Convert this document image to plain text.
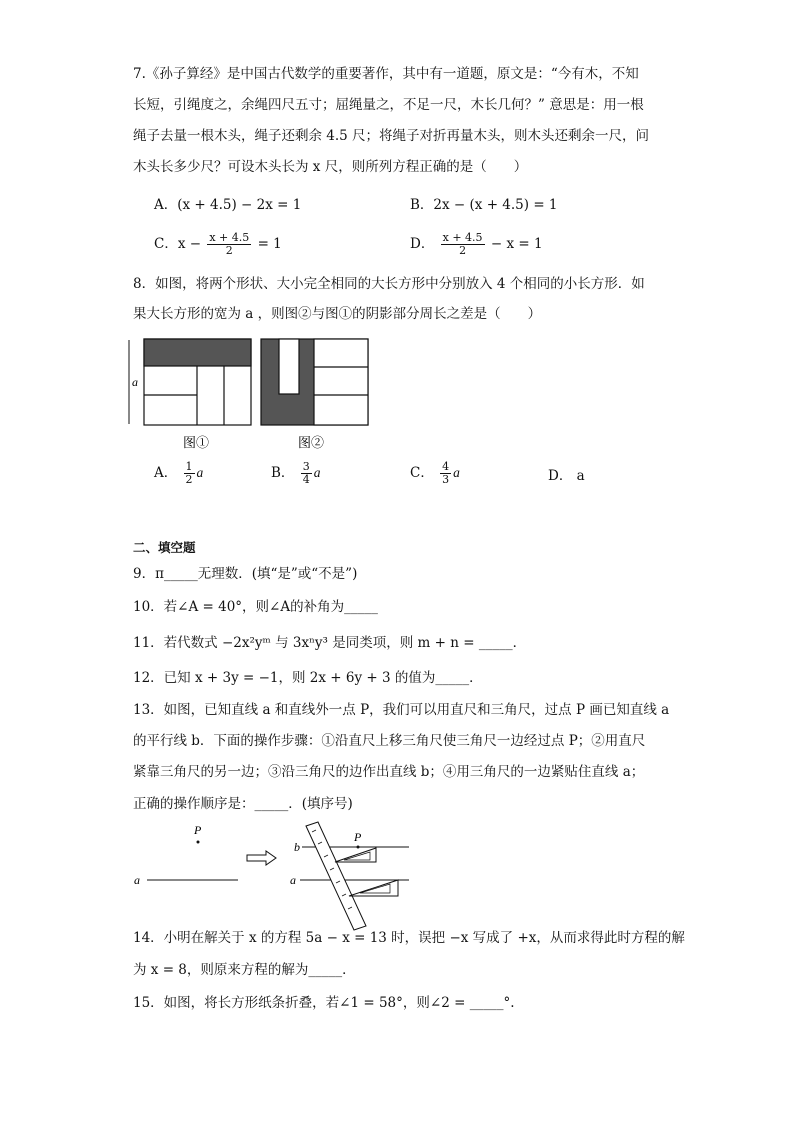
7.《孙子算经》是中国古代数学的重要著作，其中有一道题，原文是：“今有木，不知
长短，引绳度之，余绳四尺五寸；屈绳量之，不足一尺，木长几何？” 意思是：用一根
绳子去量一根木头，绳子还剩余 4.5 尺；将绳子对折再量木头，则木头还剩余一尺，问
木头长多少尺？可设木头长为 x 尺，则所列方程正确的是（　　）
A．(x + 4.5) − 2x = 1	B．2x − (x + 4.5) = 1
C．$x - \frac{x + 4.5}{2} = 1$	D． $\frac{x + 4.5}{2} - x = 1$
8．如图，将两个形状、大小完全相同的大长方形中分别放入 4 个相同的小长方形．如
果大长方形的宽为 a ，则图②与图①的阴影部分周长之差是（　　）
a
图①	图②
A． $\frac{1}{2}$ a	B． $\frac{3}{4}$ a	C． $\frac{4}{3}$ a	D． a
二、填空题
9．π_____无理数．(填“是”或“不是”)
10．若∠A = 40°，则∠A的补角为_____
11．若代数式 −2x²yᵐ 与 3xⁿy³ 是同类项，则 m + n = _____．
12．已知 x + 3y = −1，则 2x + 6y + 3 的值为_____．
13．如图，已知直线 a 和直线外一点 P，我们可以用直尺和三角尺，过点 P 画已知直线 a
的平行线 b．下面的操作步骤：①沿直尺上移三角尺使三角尺一边经过点 P；②用直尺
紧靠三角尺的另一边；③沿三角尺的边作出直线 b；④用三角尺的一边紧贴住直线 a；
正确的操作顺序是：_____．(填序号)
P
a
b
a
P
14．小明在解关于 x 的方程 5a − x = 13 时，误把 −x 写成了 +x，从而求得此时方程的解
为 x = 8，则原来方程的解为_____．
15．如图，将长方形纸条折叠，若∠1 = 58°，则∠2 = _____°.
